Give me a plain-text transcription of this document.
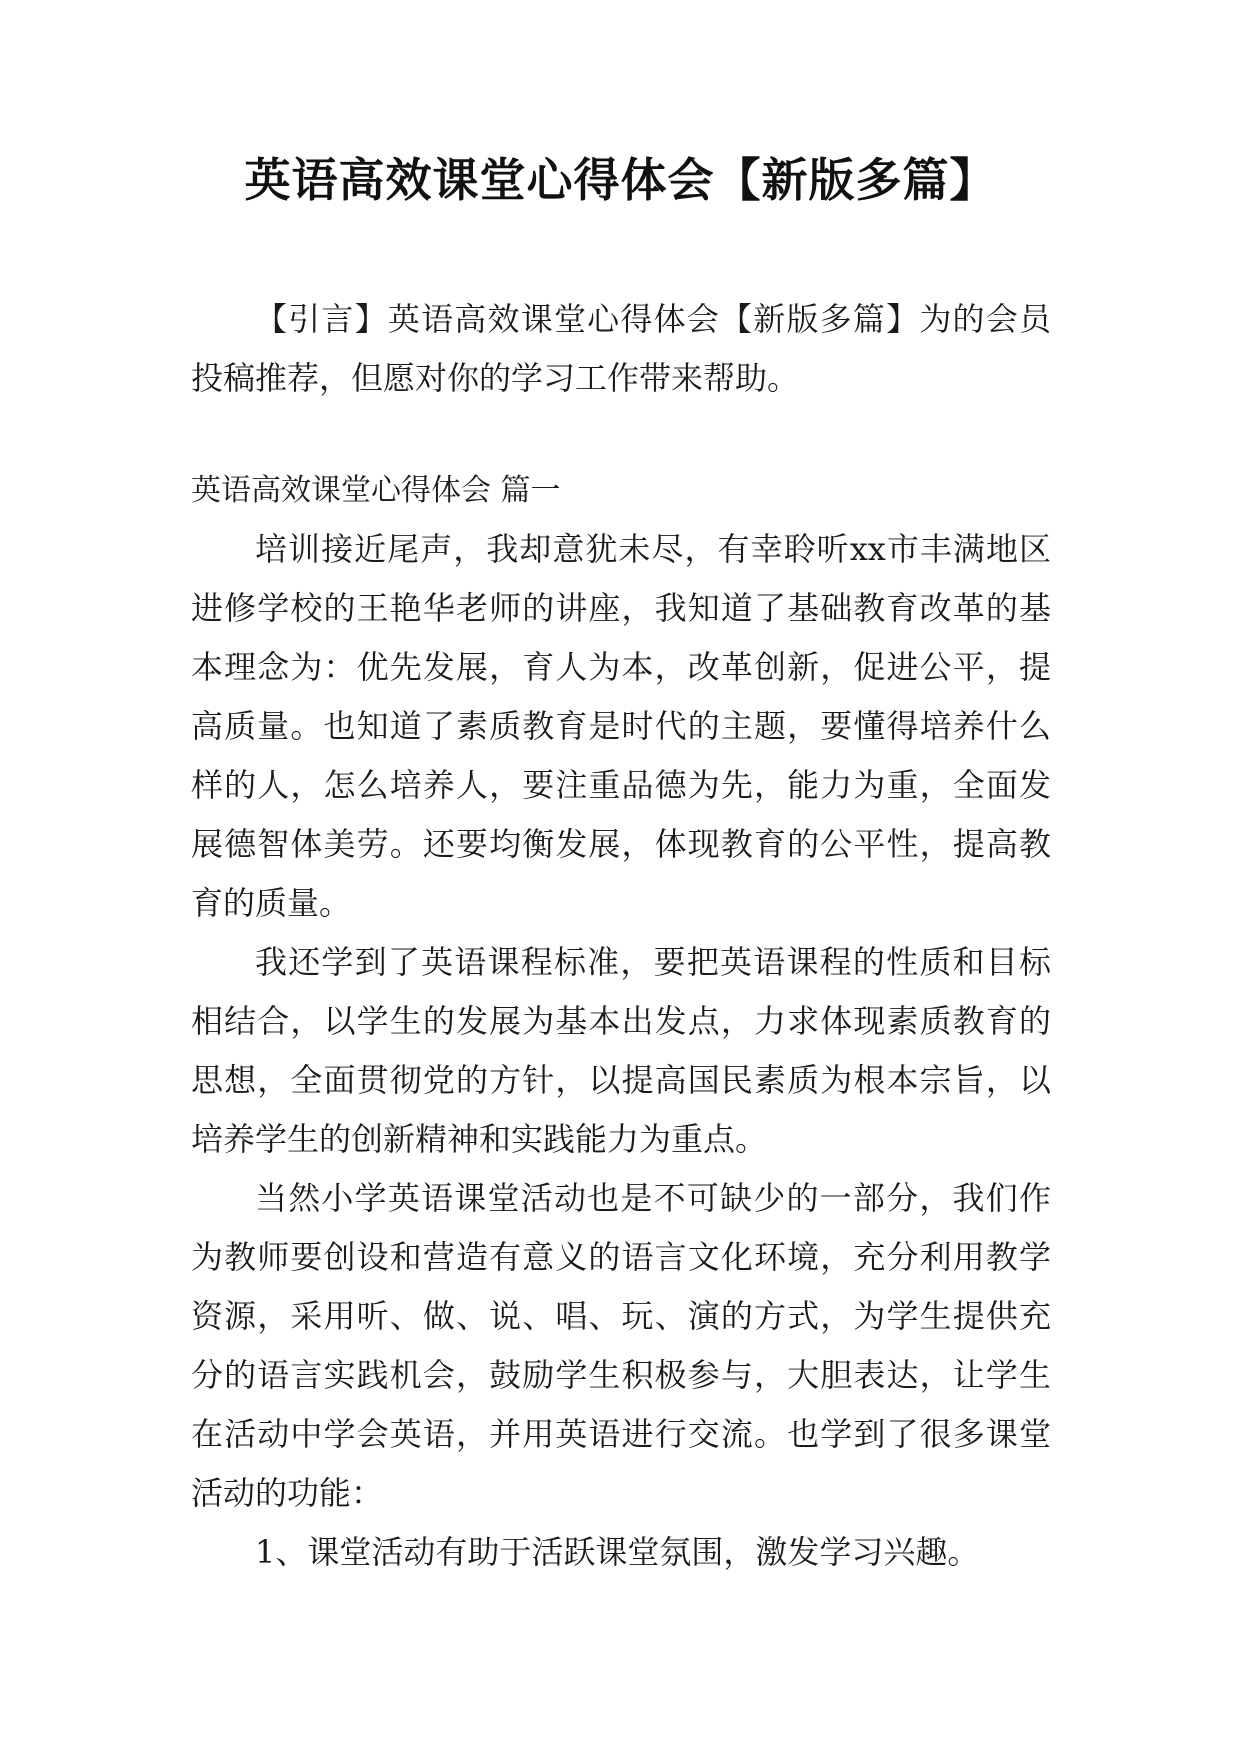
英语高效课堂心得体会【新版多篇】

【引言】英语高效课堂心得体会【新版多篇】为的会员投稿推荐，但愿对你的学习工作带来帮助。

英语高效课堂心得体会 篇一

培训接近尾声，我却意犹未尽，有幸聆听xx市丰满地区进修学校的王艳华老师的讲座，我知道了基础教育改革的基本理念为：优先发展，育人为本，改革创新，促进公平，提高质量。也知道了素质教育是时代的主题，要懂得培养什么样的人，怎么培养人，要注重品德为先，能力为重，全面发展德智体美劳。还要均衡发展，体现教育的公平性，提高教育的质量。

我还学到了英语课程标准，要把英语课程的性质和目标相结合，以学生的发展为基本出发点，力求体现素质教育的思想，全面贯彻党的方针，以提高国民素质为根本宗旨，以培养学生的创新精神和实践能力为重点。

当然小学英语课堂活动也是不可缺少的一部分，我们作为教师要创设和营造有意义的语言文化环境，充分利用教学资源，采用听、做、说、唱、玩、演的方式，为学生提供充分的语言实践机会，鼓励学生积极参与，大胆表达，让学生在活动中学会英语，并用英语进行交流。也学到了很多课堂活动的功能：

1、课堂活动有助于活跃课堂氛围，激发学习兴趣。
